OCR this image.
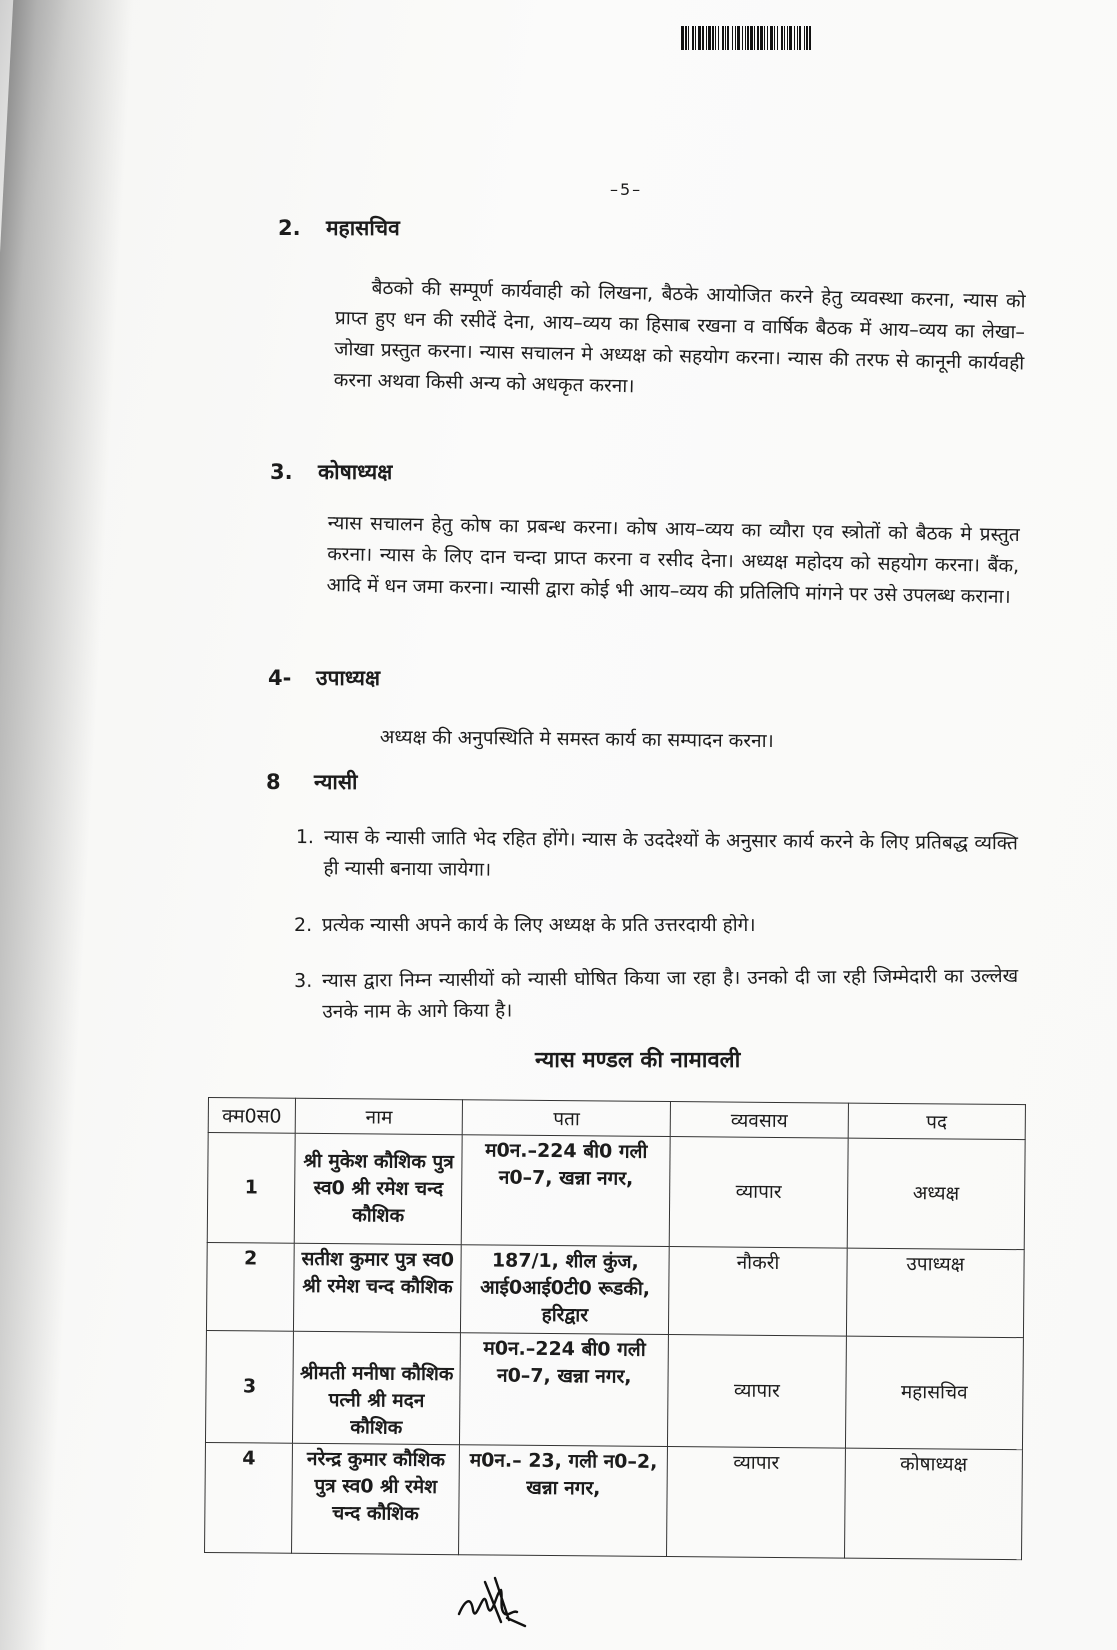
–5–
2. महासचिव

बैठको की सम्पूर्ण कार्यवाही को लिखना, बैठके आयोजित करने हेतु व्यवस्था करना, न्यास को प्राप्त हुए धन की रसीदें देना, आय–व्यय का हिसाब रखना व वार्षिक बैठक में आय–व्यय का लेखा–जोखा प्रस्तुत करना। न्यास सचालन मे अध्यक्ष को सहयोग करना। न्यास की तरफ से कानूनी कार्यवही करना अथवा किसी अन्य को अधकृत करना।

3. कोषाध्यक्ष

न्यास सचालन हेतु कोष का प्रबन्ध करना। कोष आय–व्यय का व्यौरा एव स्त्रोतों को बैठक मे प्रस्तुत करना। न्यास के लिए दान चन्दा प्राप्त करना व रसीद देना। अध्यक्ष महोदय को सहयोग करना। बैंक, आदि में धन जमा करना। न्यासी द्वारा कोई भी आय–व्यय की प्रतिलिपि मांगने पर उसे उपलब्ध कराना।

4- उपाध्यक्ष

अध्यक्ष की अनुपस्थिति मे समस्त कार्य का सम्पादन करना।

8 न्यासी
1. न्यास के न्यासी जाति भेद रहित होंगे। न्यास के उददेश्यों के अनुसार कार्य करने के लिए प्रतिबद्ध व्यक्ति ही न्यासी बनाया जायेगा।
2. प्रत्येक न्यासी अपने कार्य के लिए अध्यक्ष के प्रति उत्तरदायी होगे।
3. न्यास द्वारा निम्न न्यासीयों को न्यासी घोषित किया जा रहा है। उनको दी जा रही जिम्मेदारी का उल्लेख उनके नाम के आगे किया है।
न्यास मण्डल की नामावली
क्म0स0	नाम	पता	व्यवसाय	पद
1	श्री मुकेश कौशिक पुत्र स्व0 श्री रमेश चन्द कौशिक	म0न.–224 बी0 गली न0–7, खन्ना नगर,	व्यापार	अध्यक्ष
2	सतीश कुमार पुत्र स्व0 श्री रमेश चन्द कौशिक	187/1, शील कुंज, आई0आई0टी0 रूडकी, हरिद्वार	नौकरी	उपाध्यक्ष
3	श्रीमती मनीषा कौशिक पत्नी श्री मदन कौशिक	म0न.–224 बी0 गली न0–7, खन्ना नगर,	व्यापार	महासचिव
4	नरेन्द्र कुमार कौशिक पुत्र स्व0 श्री रमेश चन्द कौशिक	म0न.– 23, गली न0–2, खन्ना नगर,	व्यापार	कोषाध्यक्ष
